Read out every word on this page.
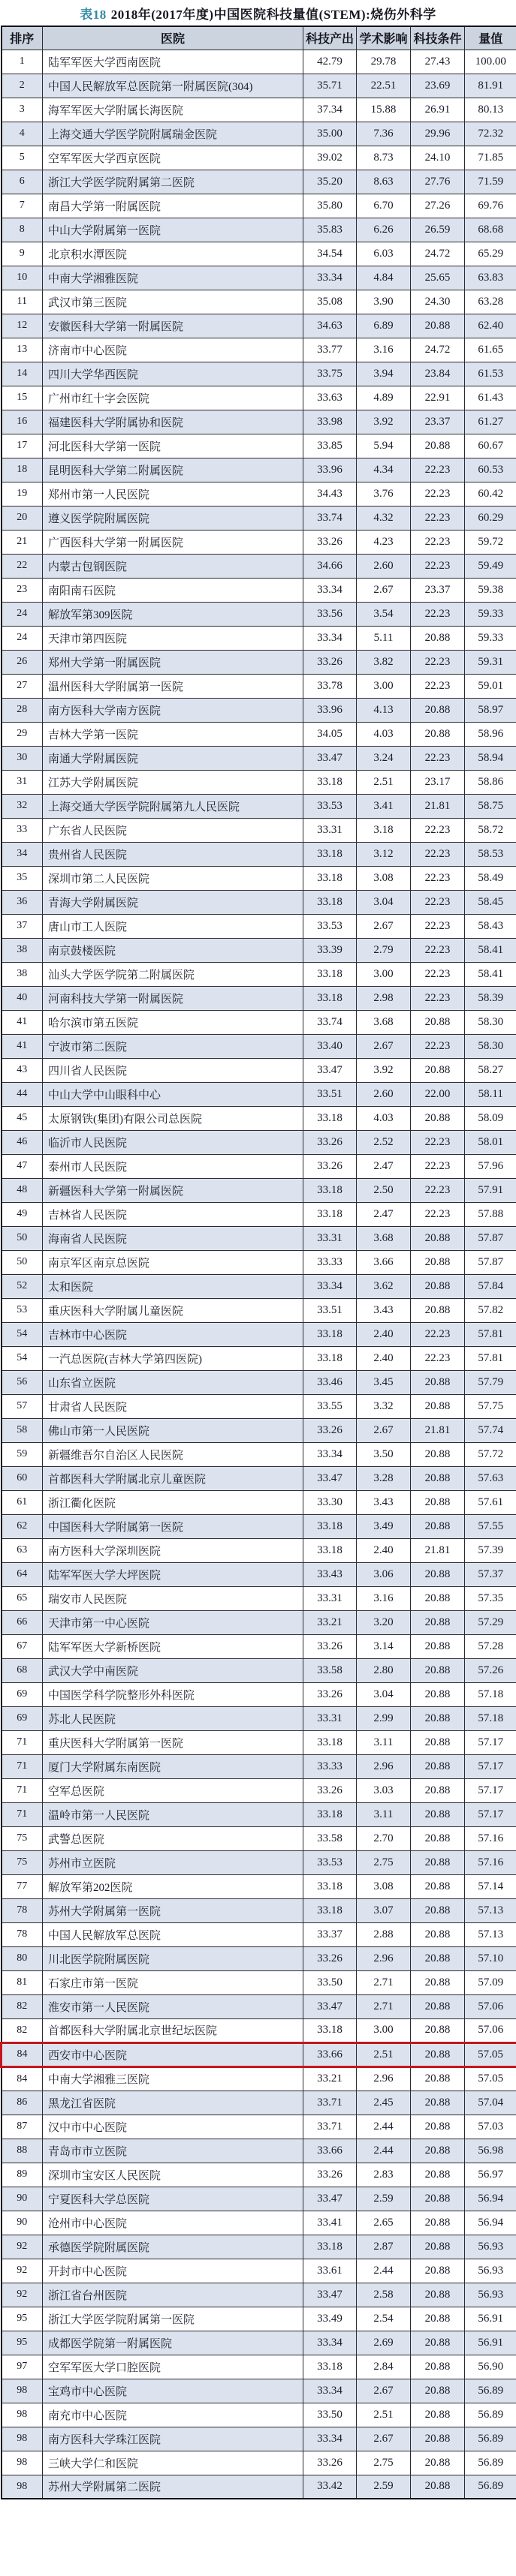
表18 2018年(2017年度)中国医院科技量值(STEM):烧伤外科学
排序	医院	科技产出	学术影响	科技条件	量值
1	陆军军医大学西南医院	42.79	29.78	27.43	100.00
2	中国人民解放军总医院第一附属医院(304)	35.71	22.51	23.69	81.91
3	海军军医大学附属长海医院	37.34	15.88	26.91	80.13
4	上海交通大学医学院附属瑞金医院	35.00	7.36	29.96	72.32
5	空军军医大学西京医院	39.02	8.73	24.10	71.85
6	浙江大学医学院附属第二医院	35.20	8.63	27.76	71.59
7	南昌大学第一附属医院	35.80	6.70	27.26	69.76
8	中山大学附属第一医院	35.83	6.26	26.59	68.68
9	北京积水潭医院	34.54	6.03	24.72	65.29
10	中南大学湘雅医院	33.34	4.84	25.65	63.83
11	武汉市第三医院	35.08	3.90	24.30	63.28
12	安徽医科大学第一附属医院	34.63	6.89	20.88	62.40
13	济南市中心医院	33.77	3.16	24.72	61.65
14	四川大学华西医院	33.75	3.94	23.84	61.53
15	广州市红十字会医院	33.63	4.89	22.91	61.43
16	福建医科大学附属协和医院	33.98	3.92	23.37	61.27
17	河北医科大学第一医院	33.85	5.94	20.88	60.67
18	昆明医科大学第二附属医院	33.96	4.34	22.23	60.53
19	郑州市第一人民医院	34.43	3.76	22.23	60.42
20	遵义医学院附属医院	33.74	4.32	22.23	60.29
21	广西医科大学第一附属医院	33.26	4.23	22.23	59.72
22	内蒙古包钢医院	34.66	2.60	22.23	59.49
23	南阳南石医院	33.34	2.67	23.37	59.38
24	解放军第309医院	33.56	3.54	22.23	59.33
24	天津市第四医院	33.34	5.11	20.88	59.33
26	郑州大学第一附属医院	33.26	3.82	22.23	59.31
27	温州医科大学附属第一医院	33.78	3.00	22.23	59.01
28	南方医科大学南方医院	33.96	4.13	20.88	58.97
29	吉林大学第一医院	34.05	4.03	20.88	58.96
30	南通大学附属医院	33.47	3.24	22.23	58.94
31	江苏大学附属医院	33.18	2.51	23.17	58.86
32	上海交通大学医学院附属第九人民医院	33.53	3.41	21.81	58.75
33	广东省人民医院	33.31	3.18	22.23	58.72
34	贵州省人民医院	33.18	3.12	22.23	58.53
35	深圳市第二人民医院	33.18	3.08	22.23	58.49
36	青海大学附属医院	33.18	3.04	22.23	58.45
37	唐山市工人医院	33.53	2.67	22.23	58.43
38	南京鼓楼医院	33.39	2.79	22.23	58.41
38	汕头大学医学院第二附属医院	33.18	3.00	22.23	58.41
40	河南科技大学第一附属医院	33.18	2.98	22.23	58.39
41	哈尔滨市第五医院	33.74	3.68	20.88	58.30
41	宁波市第二医院	33.40	2.67	22.23	58.30
43	四川省人民医院	33.47	3.92	20.88	58.27
44	中山大学中山眼科中心	33.51	2.60	22.00	58.11
45	太原钢铁(集团)有限公司总医院	33.18	4.03	20.88	58.09
46	临沂市人民医院	33.26	2.52	22.23	58.01
47	泰州市人民医院	33.26	2.47	22.23	57.96
48	新疆医科大学第一附属医院	33.18	2.50	22.23	57.91
49	吉林省人民医院	33.18	2.47	22.23	57.88
50	海南省人民医院	33.31	3.68	20.88	57.87
50	南京军区南京总医院	33.33	3.66	20.88	57.87
52	太和医院	33.34	3.62	20.88	57.84
53	重庆医科大学附属儿童医院	33.51	3.43	20.88	57.82
54	吉林市中心医院	33.18	2.40	22.23	57.81
54	一汽总医院(吉林大学第四医院)	33.18	2.40	22.23	57.81
56	山东省立医院	33.46	3.45	20.88	57.79
57	甘肃省人民医院	33.55	3.32	20.88	57.75
58	佛山市第一人民医院	33.26	2.67	21.81	57.74
59	新疆维吾尔自治区人民医院	33.34	3.50	20.88	57.72
60	首都医科大学附属北京儿童医院	33.47	3.28	20.88	57.63
61	浙江衢化医院	33.30	3.43	20.88	57.61
62	中国医科大学附属第一医院	33.18	3.49	20.88	57.55
63	南方医科大学深圳医院	33.18	2.40	21.81	57.39
64	陆军军医大学大坪医院	33.43	3.06	20.88	57.37
65	瑞安市人民医院	33.31	3.16	20.88	57.35
66	天津市第一中心医院	33.21	3.20	20.88	57.29
67	陆军军医大学新桥医院	33.26	3.14	20.88	57.28
68	武汉大学中南医院	33.58	2.80	20.88	57.26
69	中国医学科学院整形外科医院	33.26	3.04	20.88	57.18
69	苏北人民医院	33.31	2.99	20.88	57.18
71	重庆医科大学附属第一医院	33.18	3.11	20.88	57.17
71	厦门大学附属东南医院	33.33	2.96	20.88	57.17
71	空军总医院	33.26	3.03	20.88	57.17
71	温岭市第一人民医院	33.18	3.11	20.88	57.17
75	武警总医院	33.58	2.70	20.88	57.16
75	苏州市立医院	33.53	2.75	20.88	57.16
77	解放军第202医院	33.18	3.08	20.88	57.14
78	苏州大学附属第一医院	33.18	3.07	20.88	57.13
78	中国人民解放军总医院	33.37	2.88	20.88	57.13
80	川北医学院附属医院	33.26	2.96	20.88	57.10
81	石家庄市第一医院	33.50	2.71	20.88	57.09
82	淮安市第一人民医院	33.47	2.71	20.88	57.06
82	首都医科大学附属北京世纪坛医院	33.18	3.00	20.88	57.06
84	西安市中心医院	33.66	2.51	20.88	57.05
84	中南大学湘雅三医院	33.21	2.96	20.88	57.05
86	黑龙江省医院	33.71	2.45	20.88	57.04
87	汉中市中心医院	33.71	2.44	20.88	57.03
88	青岛市市立医院	33.66	2.44	20.88	56.98
89	深圳市宝安区人民医院	33.26	2.83	20.88	56.97
90	宁夏医科大学总医院	33.47	2.59	20.88	56.94
90	沧州市中心医院	33.41	2.65	20.88	56.94
92	承德医学院附属医院	33.18	2.87	20.88	56.93
92	开封市中心医院	33.61	2.44	20.88	56.93
92	浙江省台州医院	33.47	2.58	20.88	56.93
95	浙江大学医学院附属第一医院	33.49	2.54	20.88	56.91
95	成都医学院第一附属医院	33.34	2.69	20.88	56.91
97	空军军医大学口腔医院	33.18	2.84	20.88	56.90
98	宝鸡市中心医院	33.34	2.67	20.88	56.89
98	南充市中心医院	33.50	2.51	20.88	56.89
98	南方医科大学珠江医院	33.34	2.67	20.88	56.89
98	三峡大学仁和医院	33.26	2.75	20.88	56.89
98	苏州大学附属第二医院	33.42	2.59	20.88	56.89
